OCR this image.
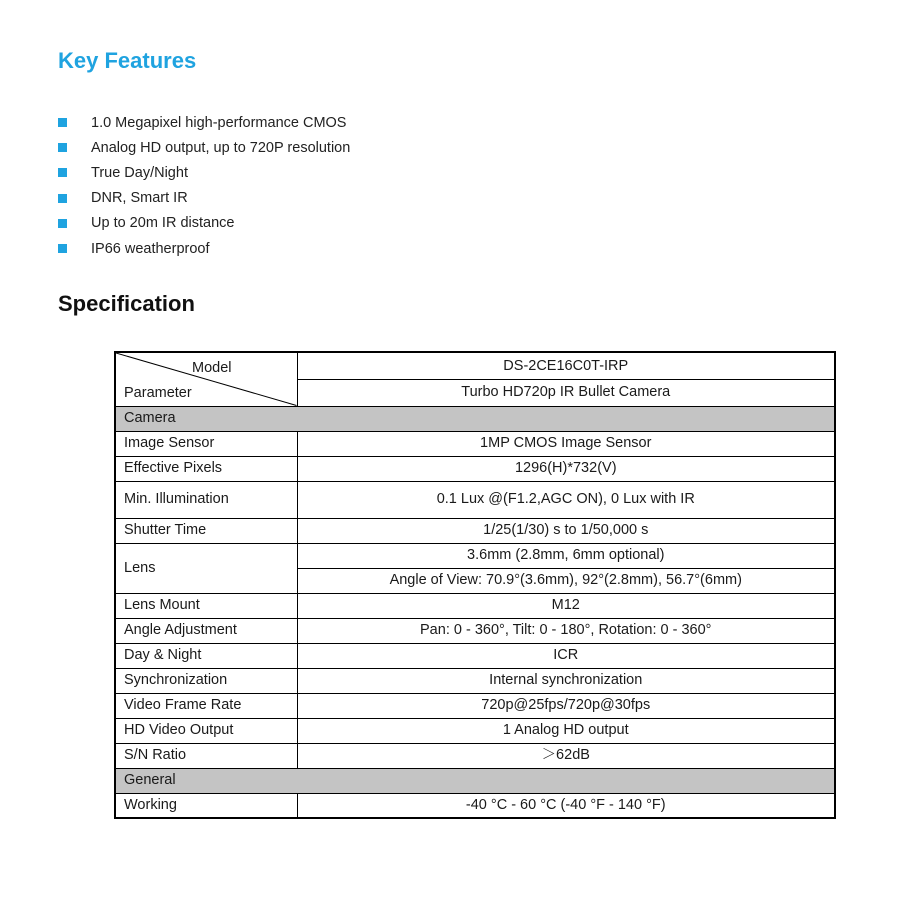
Key Features
1.0 Megapixel high-performance CMOS
Analog HD output, up to 720P resolution
True Day/Night
DNR, Smart IR
Up to 20m IR distance
IP66 weatherproof
Specification
Model
Parameter	DS-2CE16C0T-IRP
	Turbo HD720p IR Bullet Camera
Camera	
Image Sensor	1MP CMOS Image Sensor
Effective Pixels	1296(H)*732(V)
Min. Illumination	0.1 Lux @(F1.2,AGC ON), 0 Lux with IR
Shutter Time	1/25(1/30) s to 1/50,000 s
Lens	3.6mm (2.8mm, 6mm optional)
	Angle of View: 70.9°(3.6mm), 92°(2.8mm), 56.7°(6mm)
Lens Mount	M12
Angle Adjustment	Pan: 0 - 360°, Tilt: 0 - 180°, Rotation: 0 - 360°
Day & Night	ICR
Synchronization	Internal synchronization
Video Frame Rate	720p@25fps/720p@30fps
HD Video Output	1 Analog HD output
S/N Ratio	＞62dB
General	
Working	-40 °C - 60 °C (-40 °F - 140 °F)
